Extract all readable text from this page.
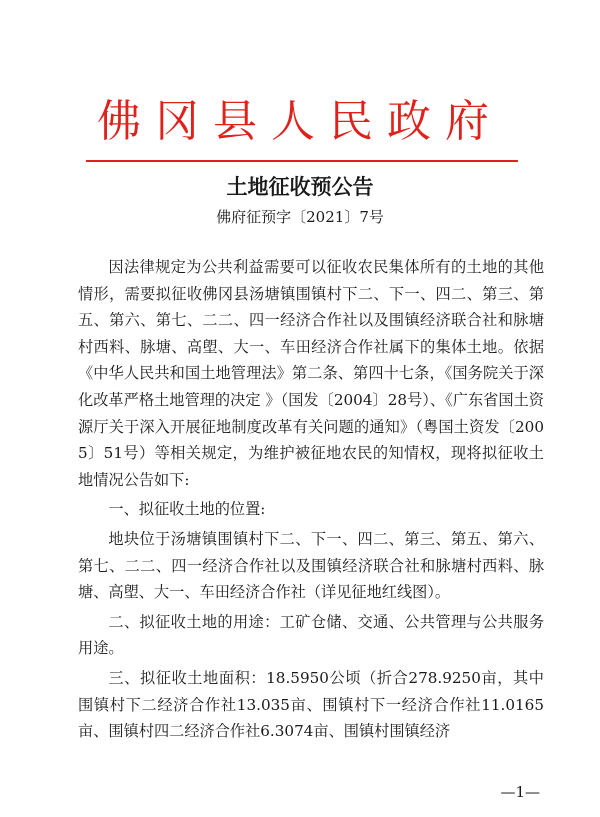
佛冈县人民政府
土地征收预公告
佛府征预字〔2021〕7号

因法律规定为公共利益需要可以征收农民集体所有的土地的其他情形，需要拟征收佛冈县汤塘镇围镇村下二、下一、四二、第三、第五、第六、第七、二二、四一经济合作社以及围镇经济联合社和脉塘村西料、脉塘、高塱、大一、车田经济合作社属下的集体土地。依据《中华人民共和国土地管理法》第二条、第四十七条，《国务院关于深化改革严格土地管理的决定 》（国发〔2004〕28号）、《广东省国土资源厅关于深入开展征地制度改革有关问题的通知》（粤国土资发〔2005〕51号）等相关规定，为维护被征地农民的知情权，现将拟征收土地情况公告如下:

一、拟征收土地的位置:

地块位于汤塘镇围镇村下二、下一、四二、第三、第五、第六、第七、二二、四一经济合作社以及围镇经济联合社和脉塘村西料、脉塘、高塱、大一、车田经济合作社（详见征地红线图）。

二、拟征收土地的用途：工矿仓储、交通、公共管理与公共服务用途。

三、拟征收土地面积：18.5950公顷（折合278.9250亩，其中围镇村下二经济合作社13.035亩、围镇村下一经济合作社11.0165亩、围镇村四二经济合作社6.3074亩、围镇村围镇经济

—1—
